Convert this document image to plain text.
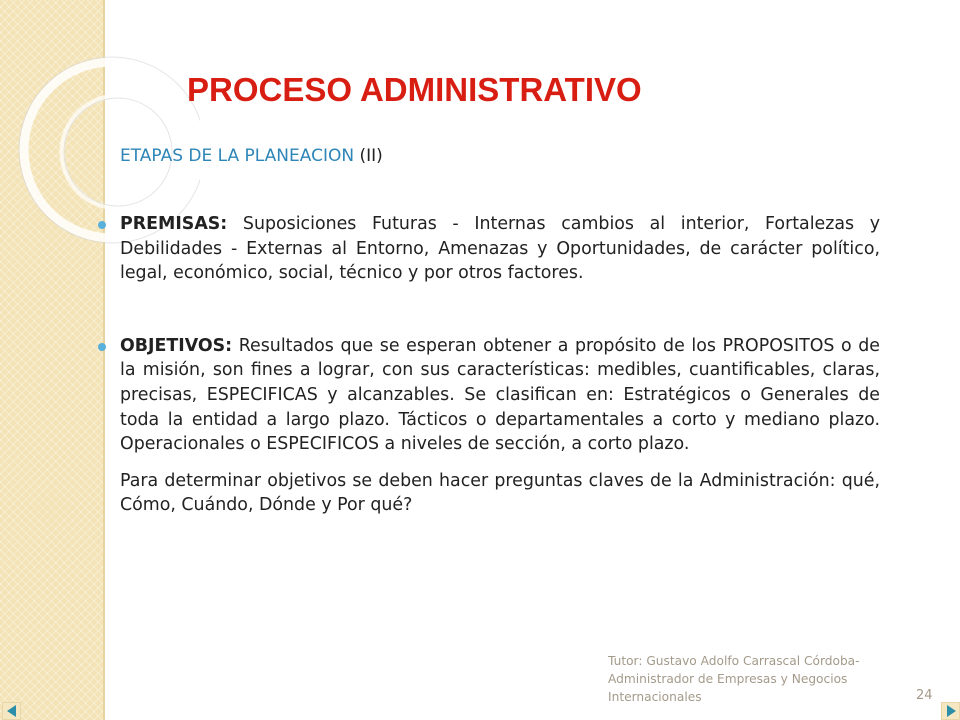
PROCESO ADMINISTRATIVO

ETAPAS DE LA PLANEACION (II)

PREMISAS: Suposiciones Futuras - Internas cambios al interior, Fortalezas y Debilidades - Externas al Entorno, Amenazas y Oportunidades, de carácter político, legal, económico, social, técnico y por otros factores.

OBJETIVOS: Resultados que se esperan obtener a propósito de los PROPOSITOS o de la misión, son fines a lograr, con sus características: medibles, cuantificables, claras, precisas, ESPECIFICAS y alcanzables. Se clasifican en: Estratégicos o Generales de toda la entidad a largo plazo. Tácticos o departamentales a corto y mediano plazo. Operacionales o ESPECIFICOS a niveles de sección, a corto plazo.

Para determinar objetivos se deben hacer preguntas claves de la Administración: qué, Cómo, Cuándo, Dónde y Por qué?

Tutor: Gustavo Adolfo Carrascal Córdoba-
Administrador de Empresas y Negocios
Internacionales	24
